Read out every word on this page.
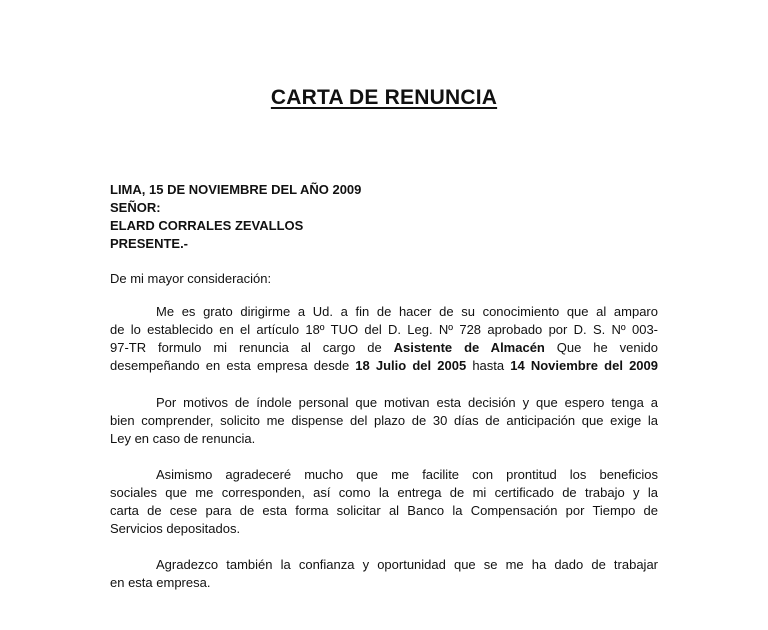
CARTA DE RENUNCIA
LIMA, 15 DE NOVIEMBRE DEL AÑO 2009
SEÑOR:
ELARD CORRALES ZEVALLOS
PRESENTE.-
De mi mayor consideración:
Me es grato dirigirme a Ud. a fin de hacer de su conocimiento que al amparo
de lo establecido en el artículo 18º TUO del D. Leg. Nº 728 aprobado por D. S. Nº 003-
97-TR formulo mi renuncia al cargo de Asistente de Almacén Que he venido
desempeñando en esta empresa desde 18 Julio del 2005 hasta 14 Noviembre del 2009
Por motivos de índole personal que motivan esta decisión y que espero tenga a
bien comprender, solicito me dispense del plazo de 30 días de anticipación que exige la
Ley en caso de renuncia.
Asimismo agradeceré mucho que me facilite con prontitud los beneficios
sociales que me corresponden, así como la entrega de mi certificado de trabajo y la
carta de cese para de esta forma solicitar al Banco la Compensación por Tiempo de
Servicios depositados.
Agradezco también la confianza y oportunidad que se me ha dado de trabajar
en esta empresa.
